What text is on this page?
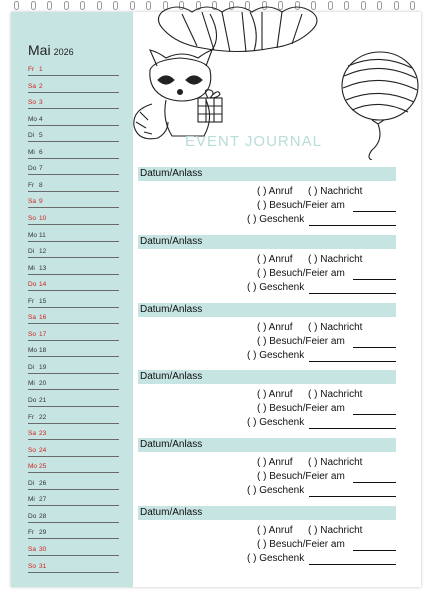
Mai 2026
Fr 1
Sa 2
So 3
Mo 4
Di 5
Mi 6
Do 7
Fr 8
Sa 9
So 10
Mo 11
Di 12
Mi 13
Do 14
Fr 15
Sa 16
So 17
Mo 18
Di 19
Mi 20
Do 21
Fr 22
Sa 23
So 24
Mo 25
Di 26
Mi 27
Do 28
Fr 29
Sa 30
So 31
EVENT JOURNAL
Datum/Anlass
( ) Anruf ( ) Nachricht
( ) Besuch/Feier am
( ) Geschenk
Datum/Anlass
( ) Anruf ( ) Nachricht
( ) Besuch/Feier am
( ) Geschenk
Datum/Anlass
( ) Anruf ( ) Nachricht
( ) Besuch/Feier am
( ) Geschenk
Datum/Anlass
( ) Anruf ( ) Nachricht
( ) Besuch/Feier am
( ) Geschenk
Datum/Anlass
( ) Anruf ( ) Nachricht
( ) Besuch/Feier am
( ) Geschenk
Datum/Anlass
( ) Anruf ( ) Nachricht
( ) Besuch/Feier am
( ) Geschenk
